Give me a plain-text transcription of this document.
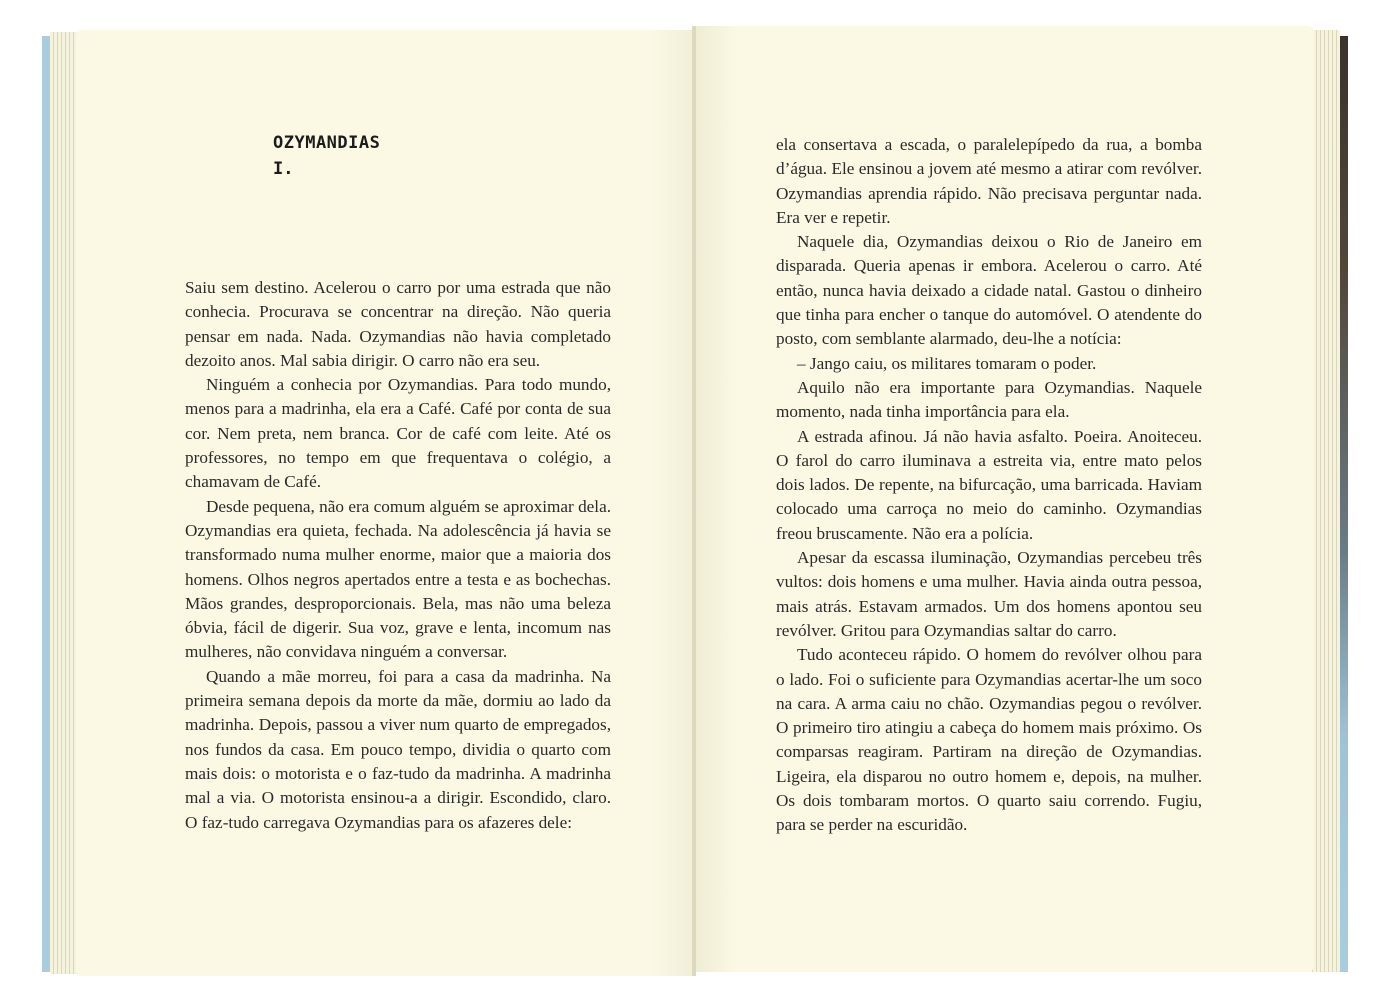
OZYMANDIAS
I.

Saiu sem destino. Acelerou o carro por uma estrada que não conhecia. Procurava se concentrar na direção. Não queria pensar em nada. Nada. Ozymandias não havia completado dezoito anos. Mal sabia dirigir. O carro não era seu.

Ninguém a conhecia por Ozymandias. Para todo mundo, menos para a madrinha, ela era a Café. Café por conta de sua cor. Nem preta, nem branca. Cor de café com leite. Até os professores, no tempo em que frequentava o colégio, a chamavam de Café.

Desde pequena, não era comum alguém se aproximar dela. Ozymandias era quieta, fechada. Na adolescência já havia se transformado numa mulher enorme, maior que a maioria dos homens. Olhos negros apertados entre a testa e as bochechas. Mãos grandes, desproporcionais. Bela, mas não uma beleza óbvia, fácil de digerir. Sua voz, grave e lenta, incomum nas mulheres, não convidava ninguém a conversar.

Quando a mãe morreu, foi para a casa da madrinha. Na primeira semana depois da morte da mãe, dormiu ao lado da madrinha. Depois, passou a viver num quarto de empregados, nos fundos da casa. Em pouco tempo, dividia o quarto com mais dois: o motorista e o faz-tudo da madrinha. A madrinha mal a via. O motorista ensinou-a a dirigir. Escondido, claro. O faz-tudo carregava Ozymandias para os afazeres dele:

ela consertava a escada, o paralelepípedo da rua, a bomba d’água. Ele ensinou a jovem até mesmo a atirar com revólver. Ozymandias aprendia rápido. Não precisava perguntar nada. Era ver e repetir.

Naquele dia, Ozymandias deixou o Rio de Janeiro em disparada. Queria apenas ir embora. Acelerou o carro. Até então, nunca havia deixado a cidade natal. Gastou o dinheiro que tinha para encher o tanque do automóvel. O atendente do posto, com semblante alarmado, deu-lhe a notícia:

– Jango caiu, os militares tomaram o poder.

Aquilo não era importante para Ozymandias. Naquele momento, nada tinha importância para ela.

A estrada afinou. Já não havia asfalto. Poeira. Anoiteceu. O farol do carro iluminava a estreita via, entre mato pelos dois lados. De repente, na bifurcação, uma barricada. Haviam colocado uma carroça no meio do caminho. Ozymandias freou bruscamente. Não era a polícia.

Apesar da escassa iluminação, Ozymandias percebeu três vultos: dois homens e uma mulher. Havia ainda outra pessoa, mais atrás. Estavam armados. Um dos homens apontou seu revólver. Gritou para Ozymandias saltar do carro.

Tudo aconteceu rápido. O homem do revólver olhou para o lado. Foi o suficiente para Ozymandias acertar-lhe um soco na cara. A arma caiu no chão. Ozymandias pegou o revólver. O primeiro tiro atingiu a cabeça do homem mais próximo. Os comparsas reagiram. Partiram na direção de Ozymandias. Ligeira, ela disparou no outro homem e, depois, na mulher. Os dois tombaram mortos. O quarto saiu correndo. Fugiu, para se perder na escuridão.
